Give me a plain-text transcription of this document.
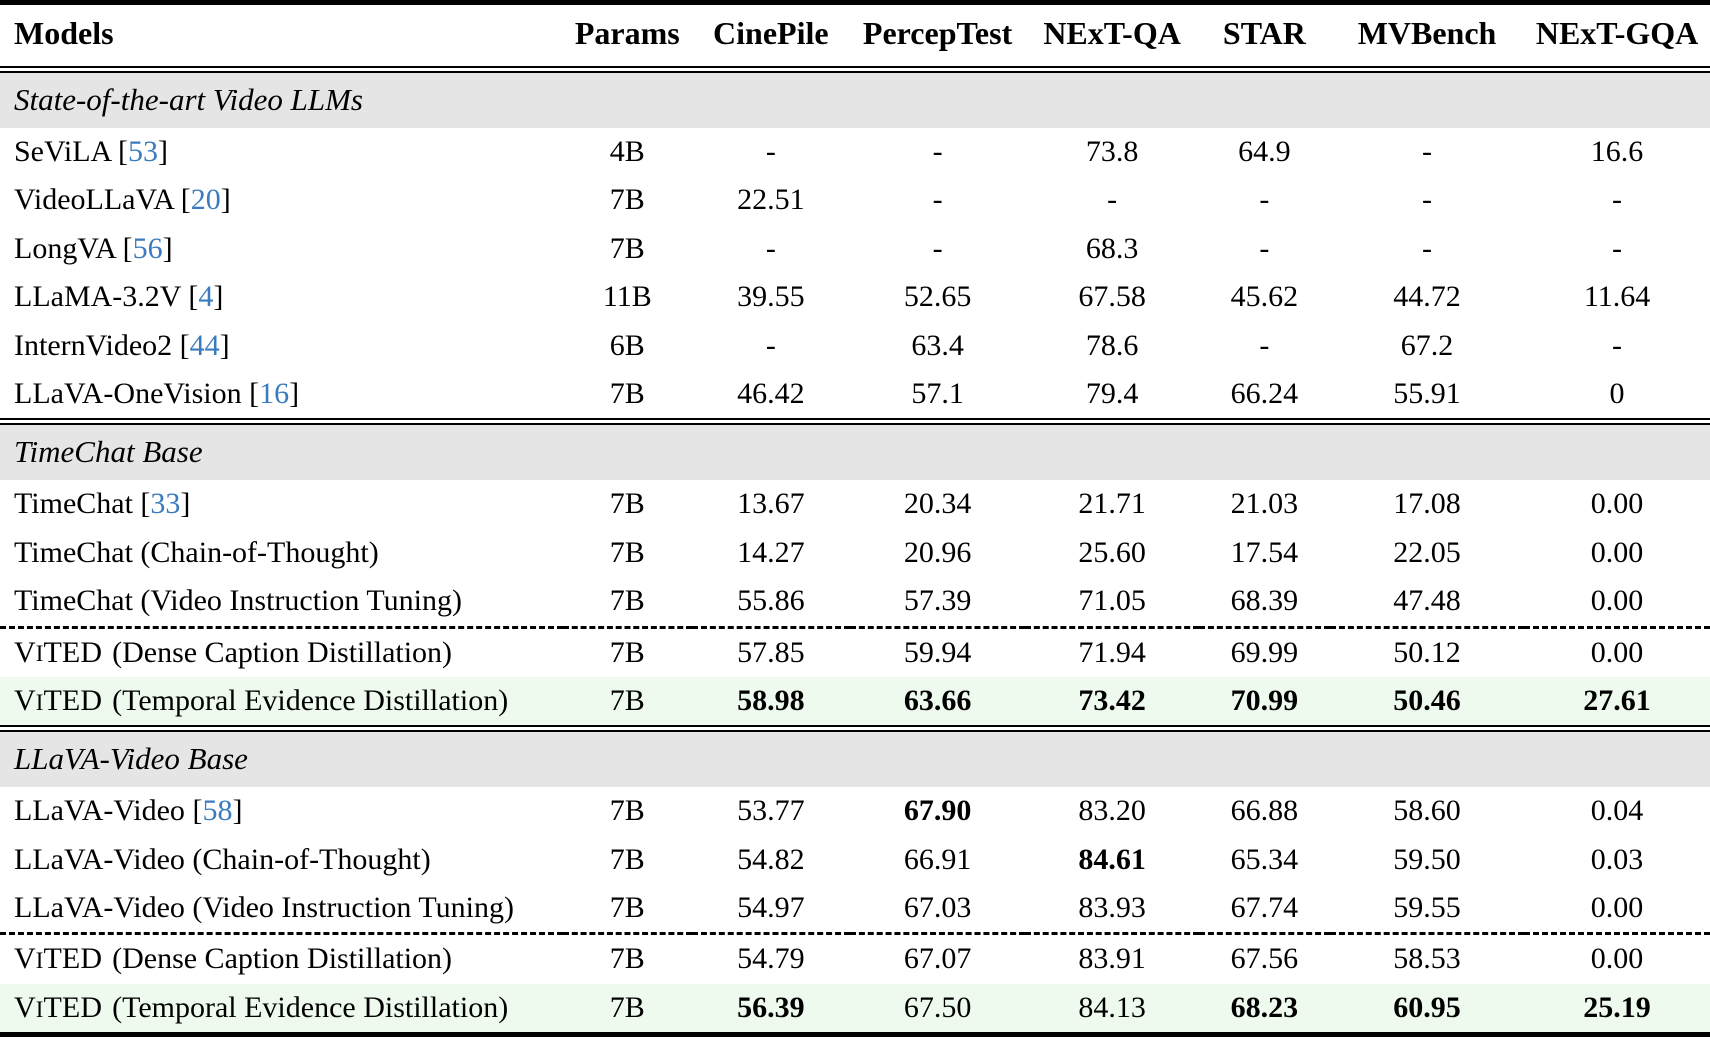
Models	Params	CinePile	PercepTest	NExT-QA	STAR	MVBench	NExT-GQA

State-of-the-art Video LLMs							
SeViLA [53]	4B	-	-	73.8	64.9	-	16.6
VideoLLaVA [20]	7B	22.51	-	-	-	-	-
LongVA [56]	7B	-	-	68.3	-	-	-
LLaMA-3.2V [4]	11B	39.55	52.65	67.58	45.62	44.72	11.64
InternVideo2 [44]	6B	-	63.4	78.6	-	67.2	-
LLaVA-OneVision [16]	7B	46.42	57.1	79.4	66.24	55.91	0

TimeChat Base							
TimeChat [33]	7B	13.67	20.34	21.71	21.03	17.08	0.00
TimeChat (Chain-of-Thought)	7B	14.27	20.96	25.60	17.54	22.05	0.00
TimeChat (Video Instruction Tuning)	7B	55.86	57.39	71.05	68.39	47.48	0.00

VITED (Dense Caption Distillation)	7B	57.85	59.94	71.94	69.99	50.12	0.00
VITED (Temporal Evidence Distillation)	7B	58.98	63.66	73.42	70.99	50.46	27.61

LLaVA-Video Base							
LLaVA-Video [58]	7B	53.77	67.90	83.20	66.88	58.60	0.04
LLaVA-Video (Chain-of-Thought)	7B	54.82	66.91	84.61	65.34	59.50	0.03
LLaVA-Video (Video Instruction Tuning)	7B	54.97	67.03	83.93	67.74	59.55	0.00

VITED (Dense Caption Distillation)	7B	54.79	67.07	83.91	67.56	58.53	0.00
VITED (Temporal Evidence Distillation)	7B	56.39	67.50	84.13	68.23	60.95	25.19
